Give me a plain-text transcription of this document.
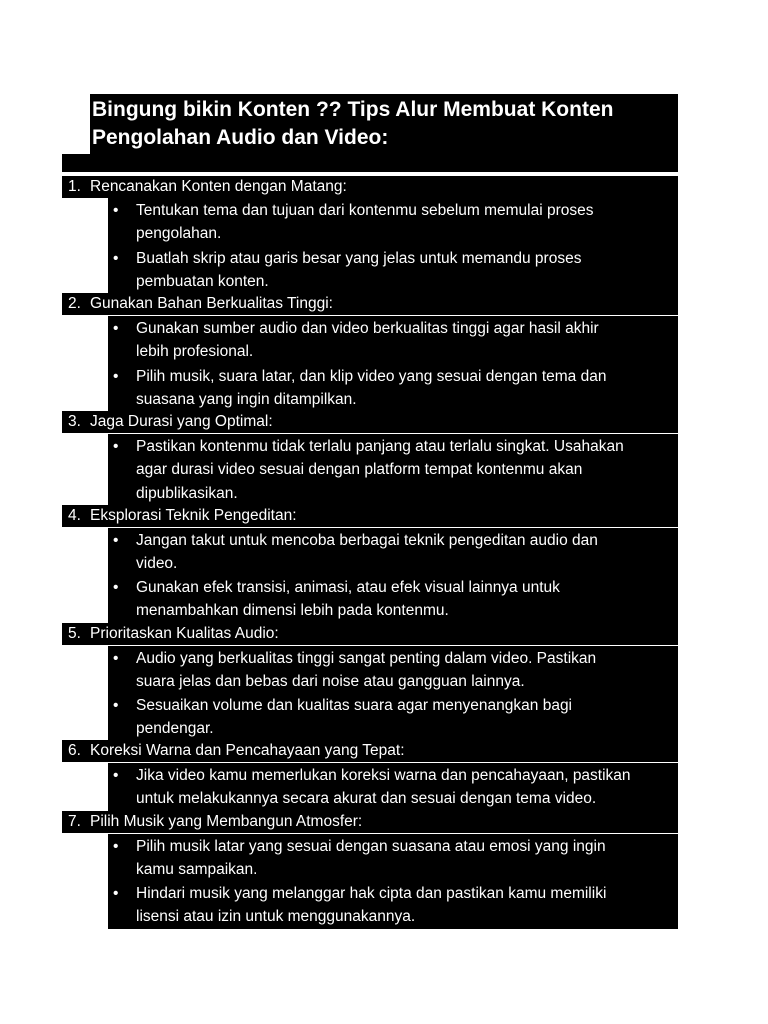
Bingung bikin Konten ?? Tips Alur Membuat Konten
Pengolahan Audio dan Video:
1. Rencanakan Konten dengan Matang:
• Tentukan tema dan tujuan dari kontenmu sebelum memulai proses
pengolahan.
• Buatlah skrip atau garis besar yang jelas untuk memandu proses
pembuatan konten.
2. Gunakan Bahan Berkualitas Tinggi:
• Gunakan sumber audio dan video berkualitas tinggi agar hasil akhir
lebih profesional.
• Pilih musik, suara latar, dan klip video yang sesuai dengan tema dan
suasana yang ingin ditampilkan.
3. Jaga Durasi yang Optimal:
• Pastikan kontenmu tidak terlalu panjang atau terlalu singkat. Usahakan
agar durasi video sesuai dengan platform tempat kontenmu akan
dipublikasikan.
4. Eksplorasi Teknik Pengeditan:
• Jangan takut untuk mencoba berbagai teknik pengeditan audio dan
video.
• Gunakan efek transisi, animasi, atau efek visual lainnya untuk
menambahkan dimensi lebih pada kontenmu.
5. Prioritaskan Kualitas Audio:
• Audio yang berkualitas tinggi sangat penting dalam video. Pastikan
suara jelas dan bebas dari noise atau gangguan lainnya.
• Sesuaikan volume dan kualitas suara agar menyenangkan bagi
pendengar.
6. Koreksi Warna dan Pencahayaan yang Tepat:
• Jika video kamu memerlukan koreksi warna dan pencahayaan, pastikan
untuk melakukannya secara akurat dan sesuai dengan tema video.
7. Pilih Musik yang Membangun Atmosfer:
• Pilih musik latar yang sesuai dengan suasana atau emosi yang ingin
kamu sampaikan.
• Hindari musik yang melanggar hak cipta dan pastikan kamu memiliki
lisensi atau izin untuk menggunakannya.
